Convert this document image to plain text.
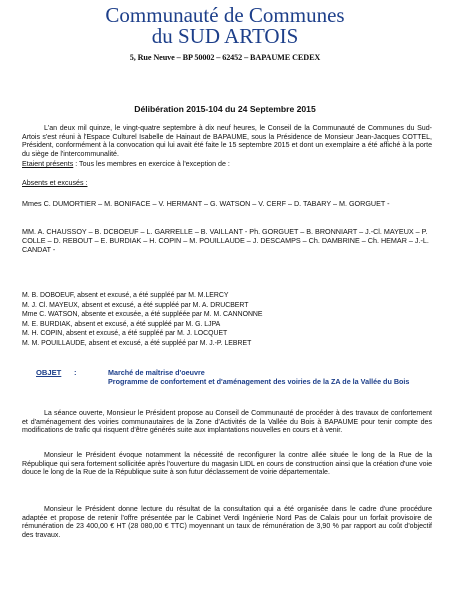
Communauté de Communes
du SUD ARTOIS
5, Rue Neuve – BP 50002 – 62452 – BAPAUME CEDEX
Délibération 2015-104 du 24 Septembre 2015
L'an deux mil quinze, le vingt-quatre septembre à dix neuf heures, le Conseil de la Communauté de Communes du Sud-Artois s'est réuni à l'Espace Culturel Isabelle de Hainaut de BAPAUME, sous la Présidence de Monsieur Jean-Jacques COTTEL, Président, conformément à la convocation qui lui avait été faite le 15 septembre 2015 et dont un exemplaire a été affiché à la porte du siège de l'intercommunalité.
Etaient présents : Tous les membres en exercice à l'exception de :
Absents et excusés :
Mmes C. DUMORTIER – M. BONIFACE – V. HERMANT – G. WATSON – V. CERF – D. TABARY – M. GORGUET -
MM. A. CHAUSSOY – B. DCBOEUF – L. GARRELLE – B. VAILLANT - Ph. GORGUET – B. BRONNIART – J.-Cl. MAYEUX – P. COLLE – D. REBOUT – E. BURDIAK – H. COPIN – M. POUILLAUDE – J. DESCAMPS – Ch. DAMBRINE – Ch. HEMAR – J.-L. CANDAT -
M. B. DOBOEUF, absent et excusé, a été suppléé par M. M.LERCY
M. J. Cl. MAYEUX, absent et excusé, a été suppléé par M. A. DRUCBERT
Mme C. WATSON, absente et excusée, a été suppléée par M. M. CANNONNE
M. E. BURDIAK, absent et excusé, a été suppléé par M. G. LJPA
M. H. COPIN, absent et excusé, a été suppléé par M. J. LOCQUET
M. M. POUILLAUDE, absent et excusé, a été suppléé par M. J.-P. LEBRET
OBJET :	Marché de maîtrise d'oeuvre
Programme de confortement et d'aménagement des voiries de la ZA de la Vallée du Bois
La séance ouverte, Monsieur le Président propose au Conseil de Communauté de procéder à des travaux de confortement et d'aménagement des voiries communautaires de la Zone d'Activités de la Vallée du Bois à BAPAUME pour tenir compte des modifications de trafic qui risquent d'être générés suite aux implantations nouvelles en cours et à venir.
Monsieur le Président évoque notamment la nécessité de reconfigurer la contre allée située le long de la Rue de la République qui sera fortement sollicitée après l'ouverture du magasin LIDL en cours de construction ainsi que la création d'une voie douce le long de la Rue de la République suite à son futur déclassement de voirie départementale.
Monsieur le Président donne lecture du résultat de la consultation qui a été organisée dans le cadre d'une procédure adaptée et propose de retenir l'offre présentée par le Cabinet Verdi Ingénierie Nord Pas de Calais pour un forfait provisoire de rémunération de 23 400,00 € HT (28 080,00 € TTC) moyennant un taux de rémunération de 3,90 % par rapport au coût d'objectif des travaux.
